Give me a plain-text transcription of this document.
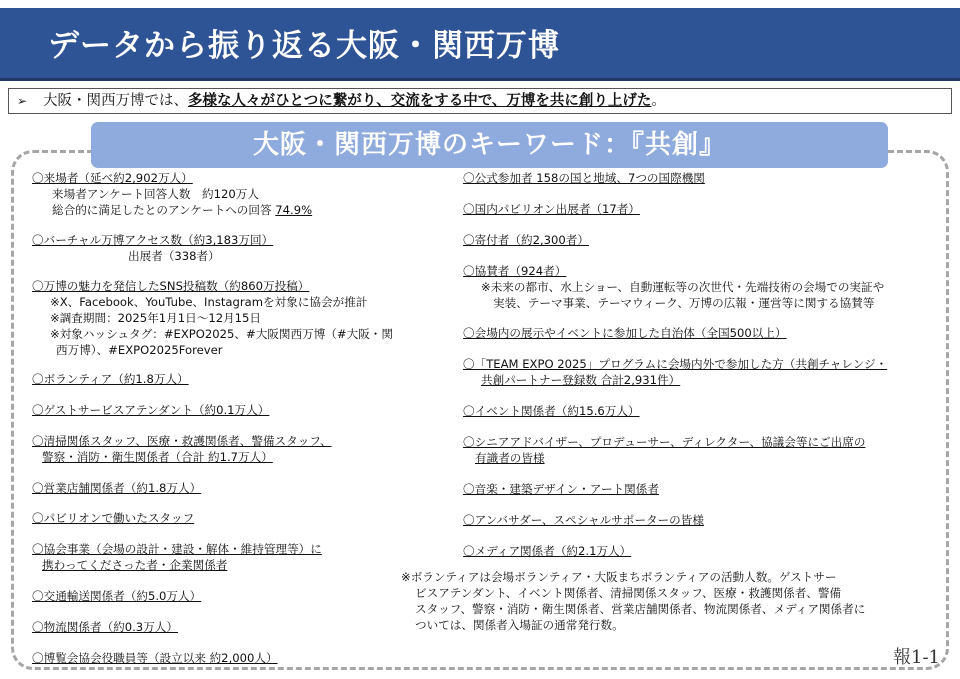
データから振り返る大阪・関西万博
➢ 大阪・関西万博では、多様な人々がひとつに繋がり、交流をする中で、万博を共に創り上げた。
大阪・関西万博のキーワード：『共創』
〇来場者（延べ約2,902万人）
来場者アンケート回答人数　約120万人
総合的に満足したとのアンケートへの回答 74.9%
〇バーチャル万博アクセス数（約3,183万回）
出展者（338者）
〇万博の魅力を発信したSNS投稿数（約860万投稿）
※X、Facebook、YouTube、Instagramを対象に協会が推計
※調査期間：2025年1月1日～12月15日
※対象ハッシュタグ：#EXPO2025、#大阪関西万博（#大阪・関
西万博）、#EXPO2025Forever
〇ボランティア（約1.8万人）
〇ゲストサービスアテンダント（約0.1万人）
〇清掃関係スタッフ、医療・救護関係者、警備スタッフ、
警察・消防・衛生関係者（合計 約1.7万人）
〇営業店舗関係者（約1.8万人）
〇パビリオンで働いたスタッフ
〇協会事業（会場の設計・建設・解体・維持管理等）に
携わってくださった者・企業関係者
〇交通輸送関係者（約5.0万人）
〇物流関係者（約0.3万人）
〇博覧会協会役職員等（設立以来 約2,000人）
〇公式参加者 158の国と地域、7つの国際機関
〇国内パビリオン出展者（17者）
〇寄付者（約2,300者）
〇協賛者（924者）
※未来の都市、水上ショー、自動運転等の次世代・先端技術の会場での実証や
実装、テーマ事業、テーマウィーク、万博の広報・運営等に関する協賛等
〇会場内の展示やイベントに参加した自治体（全国500以上）
〇「TEAM EXPO 2025」プログラムに会場内外で参加した方（共創チャレンジ・
共創パートナー登録数 合計2,931件）
〇イベント関係者（約15.6万人）
〇シニアアドバイザー、プロデューサー、ディレクター、協議会等にご出席の
有識者の皆様
〇音楽・建築デザイン・アート関係者
〇アンバサダー、スペシャルサポーターの皆様
〇メディア関係者（約2.1万人）
※ボランティアは会場ボランティア・大阪まちボランティアの活動人数。ゲストサー
ビスアテンダント、イベント関係者、清掃関係スタッフ、医療・救護関係者、警備
スタッフ、警察・消防・衛生関係者、営業店舗関係者、物流関係者、メディア関係者に
ついては、関係者入場証の通常発行数。
報1-1
